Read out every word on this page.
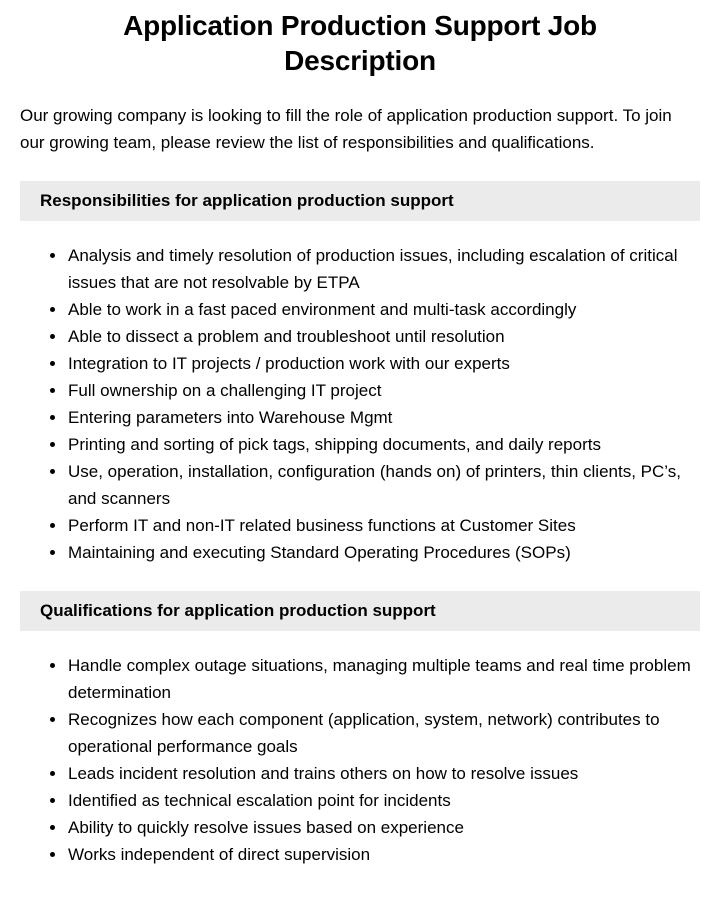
Application Production Support Job Description

Our growing company is looking to fill the role of application production support. To join our growing team, please review the list of responsibilities and qualifications.

Responsibilities for application production support
• Analysis and timely resolution of production issues, including escalation of critical issues that are not resolvable by ETPA
• Able to work in a fast paced environment and multi-task accordingly
• Able to dissect a problem and troubleshoot until resolution
• Integration to IT projects / production work with our experts
• Full ownership on a challenging IT project
• Entering parameters into Warehouse Mgmt
• Printing and sorting of pick tags, shipping documents, and daily reports
• Use, operation, installation, configuration (hands on) of printers, thin clients, PC’s, and scanners
• Perform IT and non-IT related business functions at Customer Sites
• Maintaining and executing Standard Operating Procedures (SOPs)
Qualifications for application production support
• Handle complex outage situations, managing multiple teams and real time problem determination
• Recognizes how each component (application, system, network) contributes to operational performance goals
• Leads incident resolution and trains others on how to resolve issues
• Identified as technical escalation point for incidents
• Ability to quickly resolve issues based on experience
• Works independent of direct supervision
